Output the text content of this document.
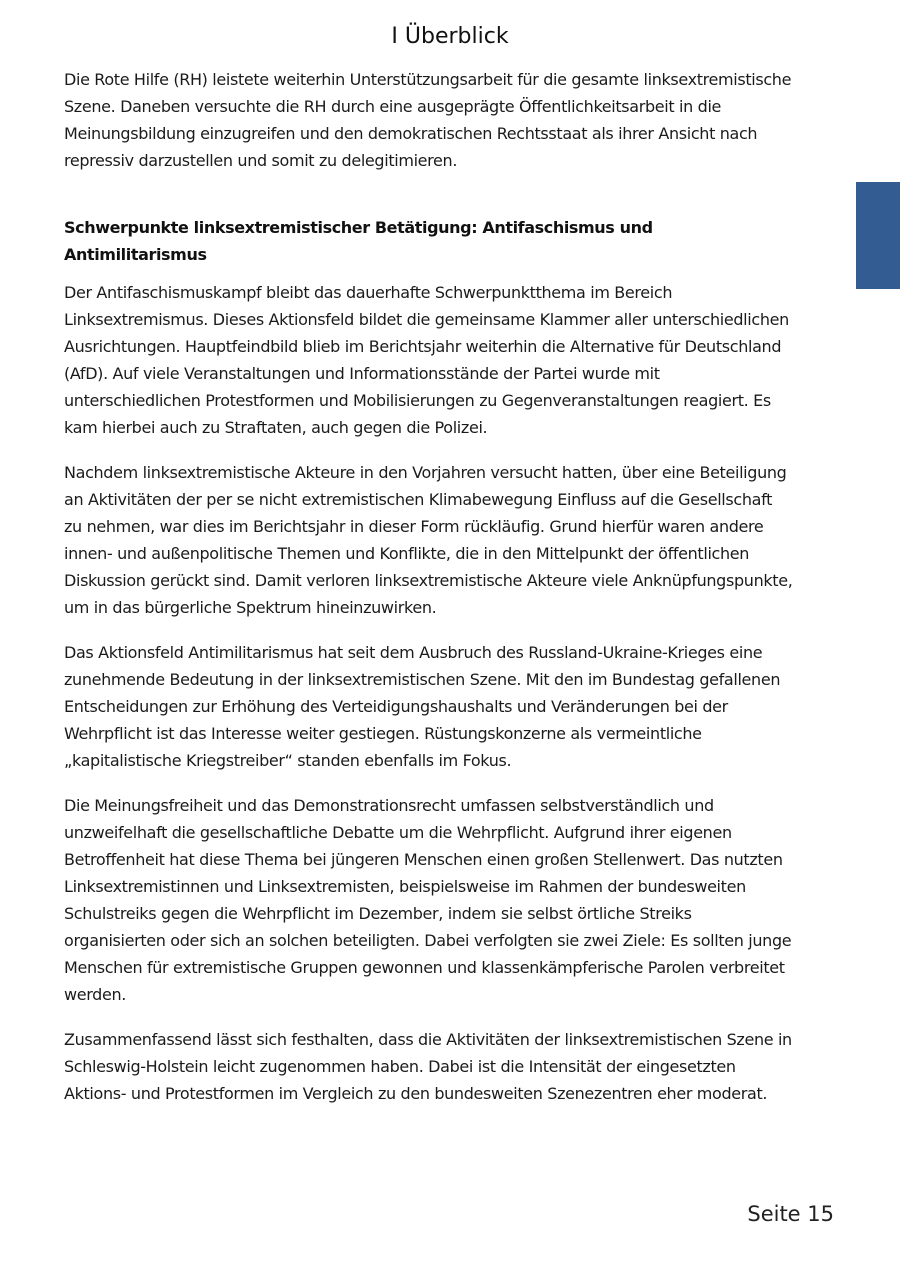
I Überblick

Die Rote Hilfe (RH) leistete weiterhin Unterstützungsarbeit für die gesamte linksextremistische Szene. Daneben versuchte die RH durch eine ausgeprägte Öffentlichkeitsarbeit in die Meinungsbildung einzugreifen und den demokratischen Rechtsstaat als ihrer Ansicht nach repressiv darzustellen und somit zu delegitimieren.

Schwerpunkte linksextremistischer Betätigung: Antifaschismus und Antimilitarismus

Der Antifaschismuskampf bleibt das dauerhafte Schwerpunktthema im Bereich Linksextremismus. Dieses Aktionsfeld bildet die gemeinsame Klammer aller unterschiedlichen Ausrichtungen. Hauptfeindbild blieb im Berichtsjahr weiterhin die Alternative für Deutschland (AfD). Auf viele Veranstaltungen und Informationsstände der Partei wurde mit unterschiedlichen Protestformen und Mobilisierungen zu Gegenveranstaltungen reagiert. Es kam hierbei auch zu Straftaten, auch gegen die Polizei.

Nachdem linksextremistische Akteure in den Vorjahren versucht hatten, über eine Beteiligung an Aktivitäten der per se nicht extremistischen Klimabewegung Einfluss auf die Gesellschaft zu nehmen, war dies im Berichtsjahr in dieser Form rückläufig. Grund hierfür waren andere innen- und außenpolitische Themen und Konflikte, die in den Mittelpunkt der öffentlichen Diskussion gerückt sind. Damit verloren linksextremistische Akteure viele Anknüpfungspunkte, um in das bürgerliche Spektrum hineinzuwirken.

Das Aktionsfeld Antimilitarismus hat seit dem Ausbruch des Russland-Ukraine-Krieges eine zunehmende Bedeutung in der linksextremistischen Szene. Mit den im Bundestag gefallenen Entscheidungen zur Erhöhung des Verteidigungshaushalts und Veränderungen bei der Wehrpflicht ist das Interesse weiter gestiegen. Rüstungskonzerne als vermeintliche „kapitalistische Kriegstreiber“ standen ebenfalls im Fokus.

Die Meinungsfreiheit und das Demonstrationsrecht umfassen selbstverständlich und unzweifelhaft die gesellschaftliche Debatte um die Wehrpflicht. Aufgrund ihrer eigenen Betroffenheit hat diese Thema bei jüngeren Menschen einen großen Stellenwert. Das nutzten Linksextremistinnen und Linksextremisten, beispielsweise im Rahmen der bundesweiten Schulstreiks gegen die Wehrpflicht im Dezember, indem sie selbst örtliche Streiks organisierten oder sich an solchen beteiligten. Dabei verfolgten sie zwei Ziele: Es sollten junge Menschen für extremistische Gruppen gewonnen und klassenkämpferische Parolen verbreitet werden.

Zusammenfassend lässt sich festhalten, dass die Aktivitäten der linksextremistischen Szene in Schleswig-Holstein leicht zugenommen haben. Dabei ist die Intensität der eingesetzten Aktions- und Protestformen im Vergleich zu den bundesweiten Szenezentren eher moderat.

Seite 15
